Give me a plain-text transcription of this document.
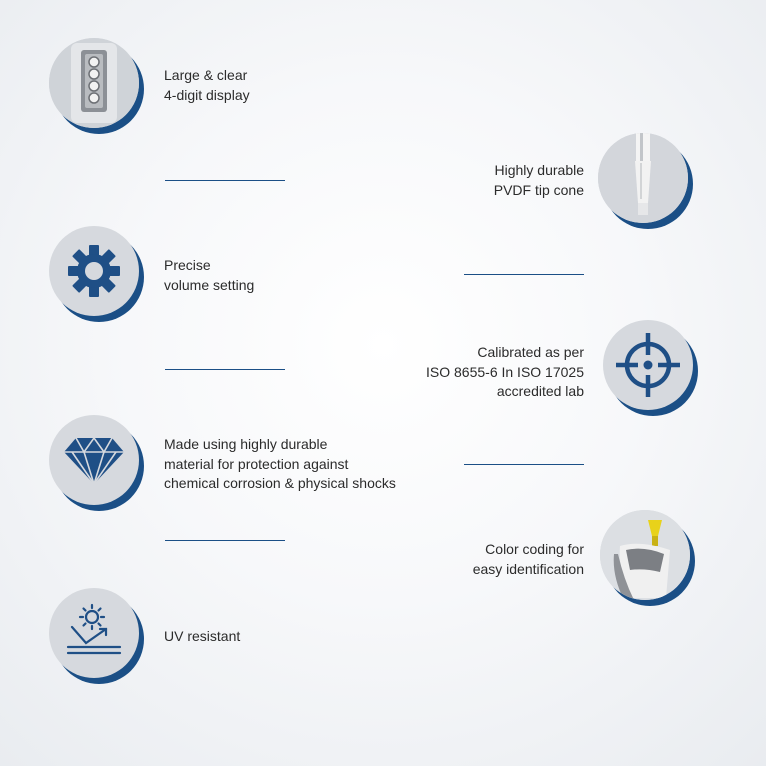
Large & clear
4-digit display
Precise
volume setting
Made using highly durable
material for protection against
chemical corrosion & physical shocks
UV resistant
Highly durable
PVDF tip cone
Calibrated as per
ISO 8655-6 In ISO 17025
accredited lab
Color coding for
easy identification
